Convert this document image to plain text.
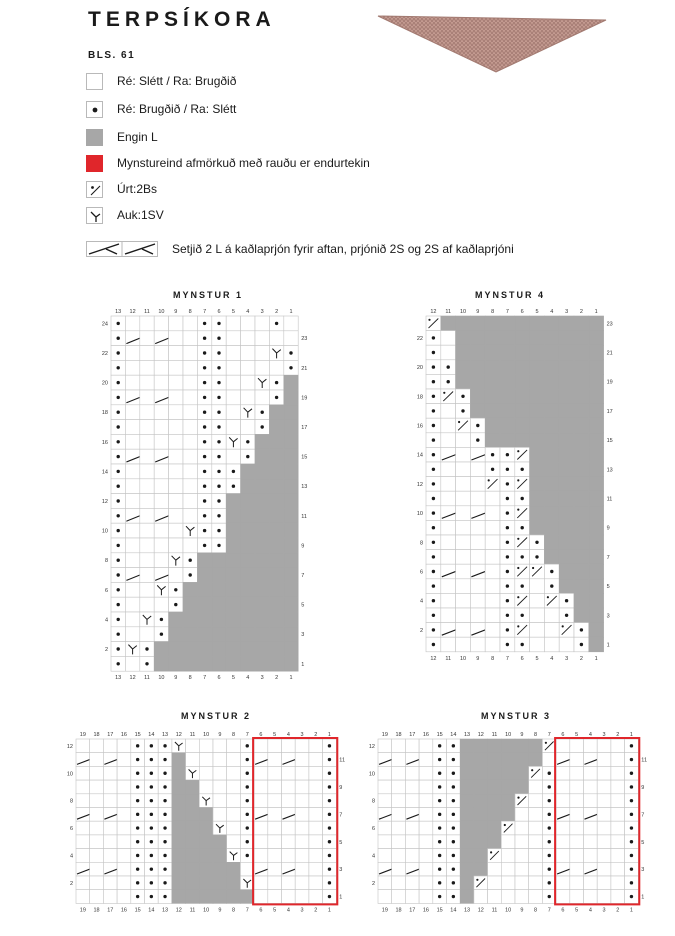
TERPSÍKORA
BLS. 61
Ré: Slétt / Ra: Brugðið
Ré: Brugðið / Ra: Slétt
Engin L
Mynstureind afmörkuð með rauðu er endurtekin
Úrt:2Bs
Auk:1SV
Setjið 2 L á kaðlaprjón fyrir aftan, prjónið 2S og 2S af kaðlaprjóni
MYNSTUR 1	MYNSTUR 4
MYNSTUR 2	MYNSTUR 3
13
13
12
12
11
11
10
10
9
9
8
8
7
7
6
6
5
5
4
4
3
3
2
2
1
1
23
21
19
17
15
13
11
9
7
5
3
1
24
22
20
18
16
14
12
10
8
6
4
2
12
12
11
11
10
10
9
9
8
8
7
7
6
6
5
5
4
4
3
3
2
2
1
1
23
21
19
17
15
13
11
9
7
5
3
1
22
20
18
16
14
12
10
8
6
4
2
19
19
18
18
17
17
16
16
15
15
14
14
13
13
12
12
11
11
10
10
9
9
8
8
7
7
6
6
5
5
4
4
3
3
2
2
1
1
11
9
7
5
3
1
12
10
8
6
4
2
19
19
18
18
17
17
16
16
15
15
14
14
13
13
12
12
11
11
10
10
9
9
8
8
7
7
6
6
5
5
4
4
3
3
2
2
1
1
11
9
7
5
3
1
12
10
8
6
4
2
